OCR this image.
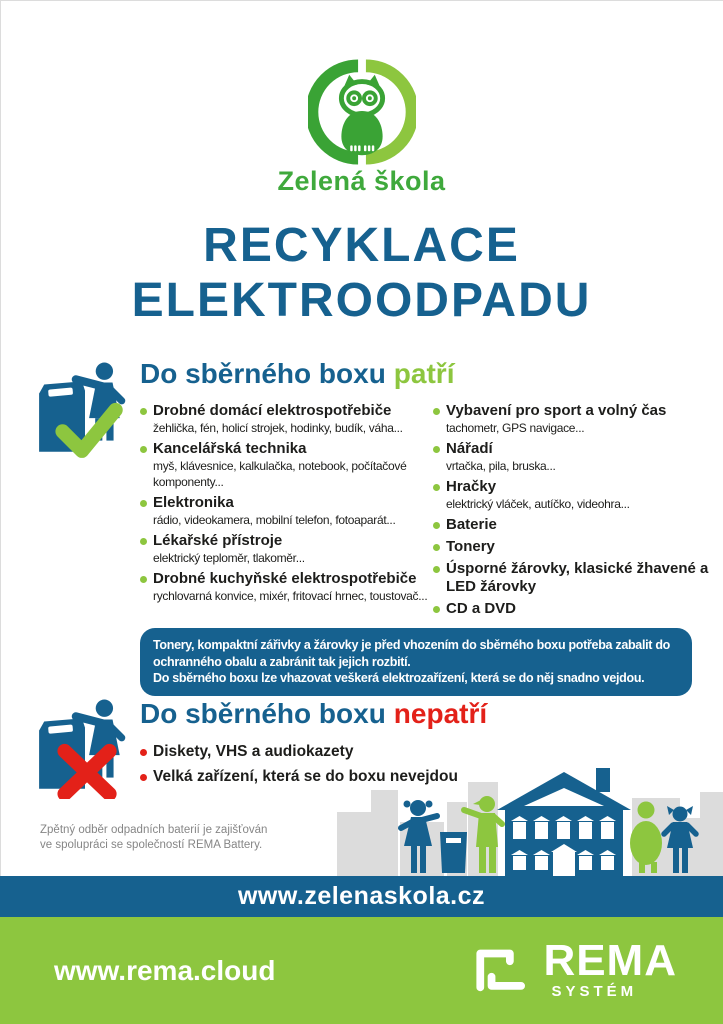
Zelená škola
RECYKLACE
ELEKTROODPADU
Do sběrného boxu patří
Drobné domácí elektrospotřebiče
žehlička, fén, holicí strojek, hodinky, budík, váha...
Kancelářská technika
myš, klávesnice, kalkulačka, notebook, počítačové komponenty...
Elektronika
rádio, videokamera, mobilní telefon, fotoaparát...
Lékařské přístroje
elektrický teploměr, tlakoměr...
Drobné kuchyňské elektrospotřebiče
rychlovarná konvice, mixér, fritovací hrnec, toustovač...
Vybavení pro sport a volný čas
tachometr, GPS navigace...
Nářadí
vrtačka, pila, bruska...
Hračky
elektrický vláček, autíčko, videohra...
Baterie
Tonery
Úsporné žárovky, klasické žhavené a LED žárovky
CD a DVD
Tonery, kompaktní zářivky a žárovky je před vhozením do sběrného boxu potřeba zabalit do ochranného obalu a zabránit tak jejich rozbití.
Do sběrného boxu lze vhazovat veškerá elektrozařízení, která se do něj snadno vejdou.
Do sběrného boxu nepatří
Diskety, VHS a audiokazety
Velká zařízení, která se do boxu nevejdou
Zpětný odběr odpadních baterií je zajišťován
ve spolupráci se společností REMA Battery.
www.zelenaskola.cz
www.rema.cloud	REMA
SYSTÉM
